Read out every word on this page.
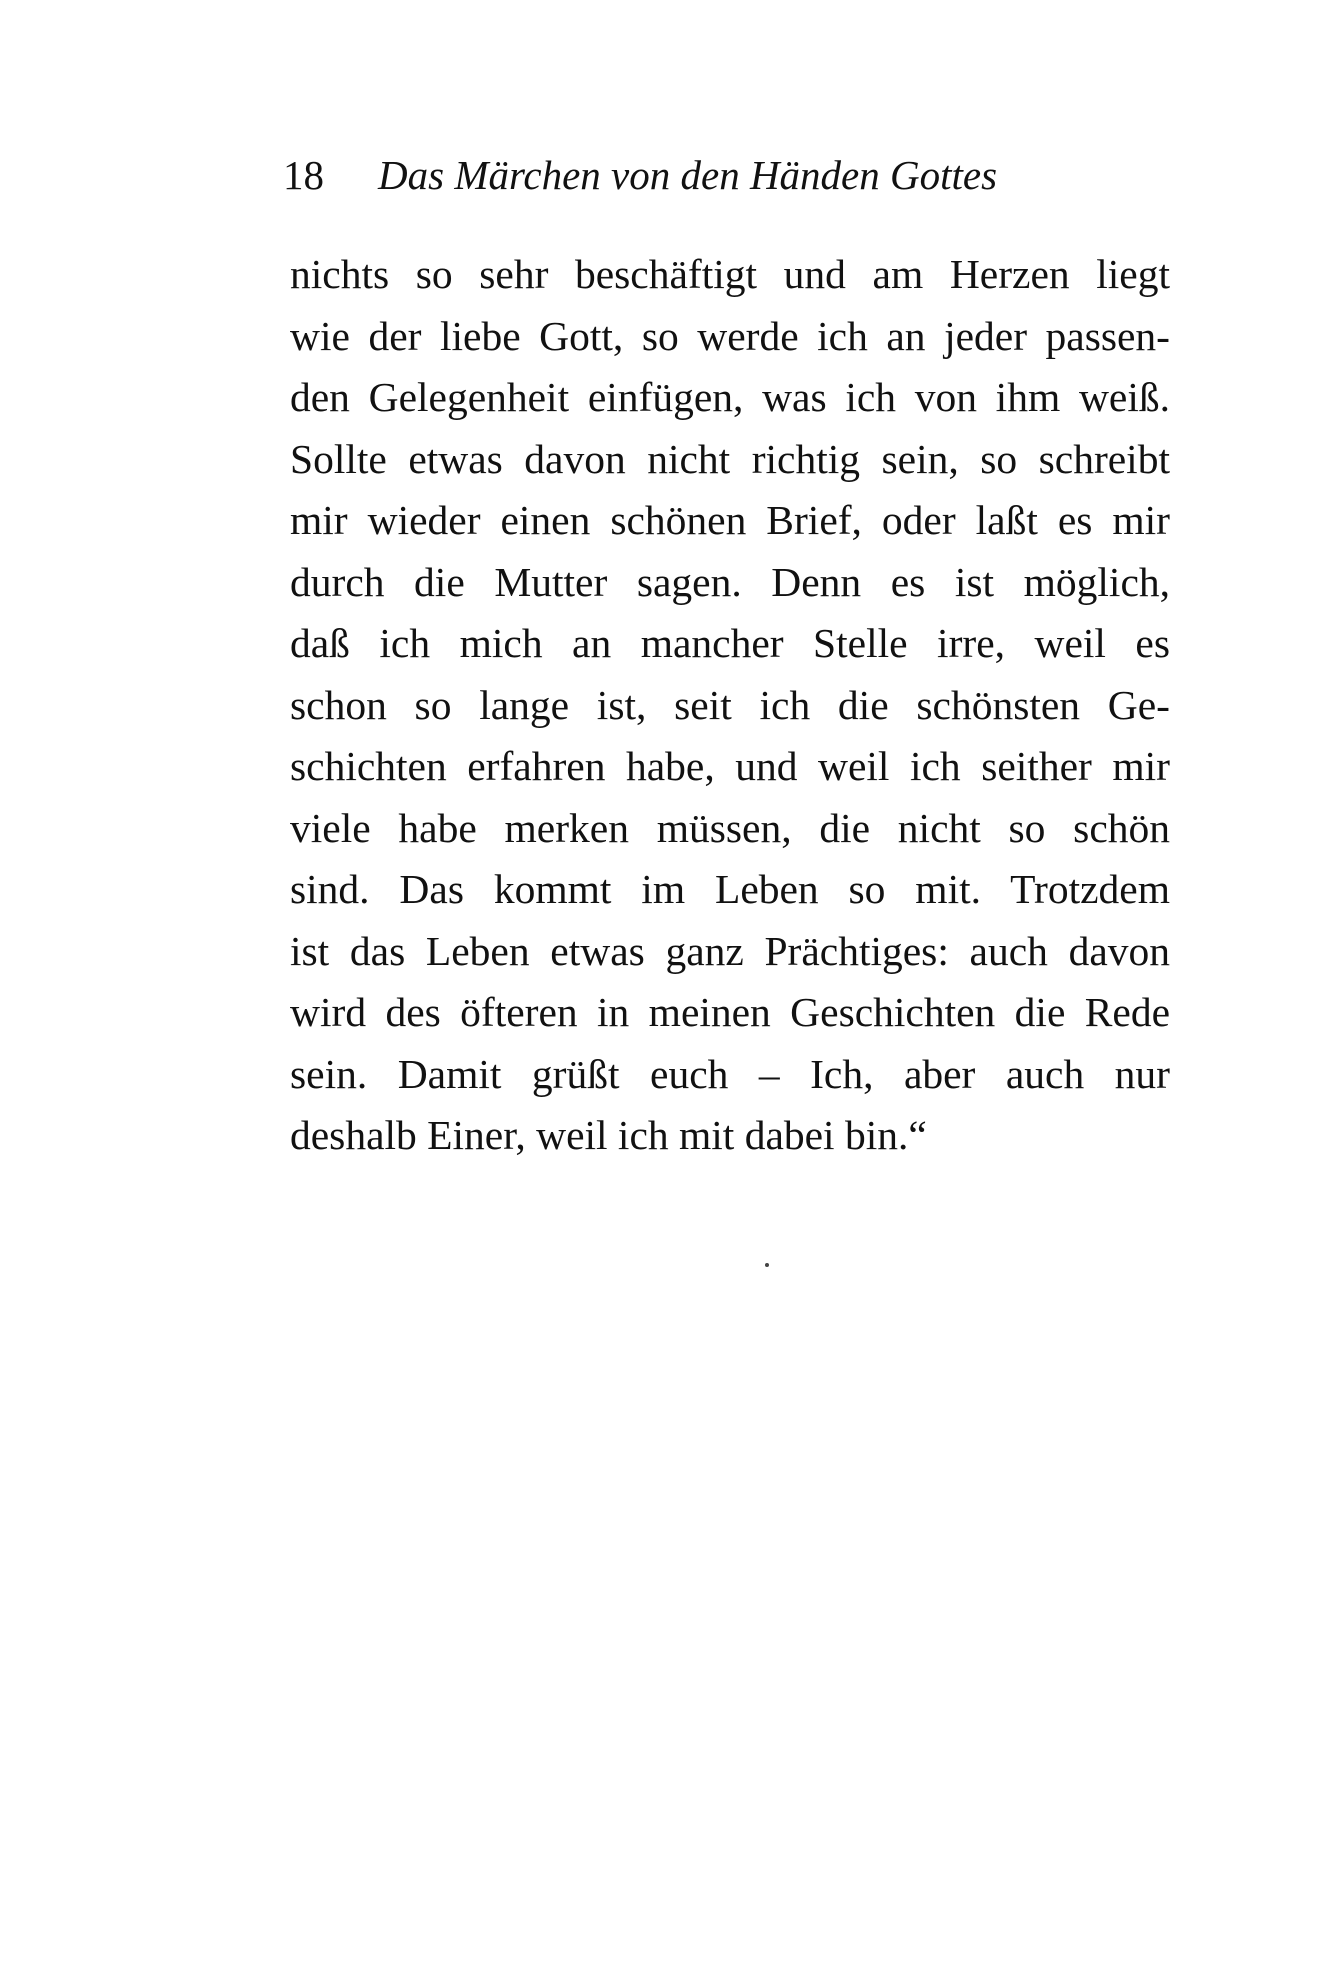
18 Das Märchen von den Händen Gottes
nichts so sehr beschäftigt und am Herzen liegt
wie der liebe Gott, so werde ich an jeder passen-
den Gelegenheit einfügen, was ich von ihm weiß.
Sollte etwas davon nicht richtig sein, so schreibt
mir wieder einen schönen Brief, oder laßt es mir
durch die Mutter sagen. Denn es ist möglich,
daß ich mich an mancher Stelle irre, weil es
schon so lange ist, seit ich die schönsten Ge-
schichten erfahren habe, und weil ich seither mir
viele habe merken müssen, die nicht so schön
sind. Das kommt im Leben so mit. Trotzdem
ist das Leben etwas ganz Prächtiges: auch davon
wird des öfteren in meinen Geschichten die Rede
sein. Damit grüßt euch – Ich, aber auch nur
deshalb Einer, weil ich mit dabei bin.“
